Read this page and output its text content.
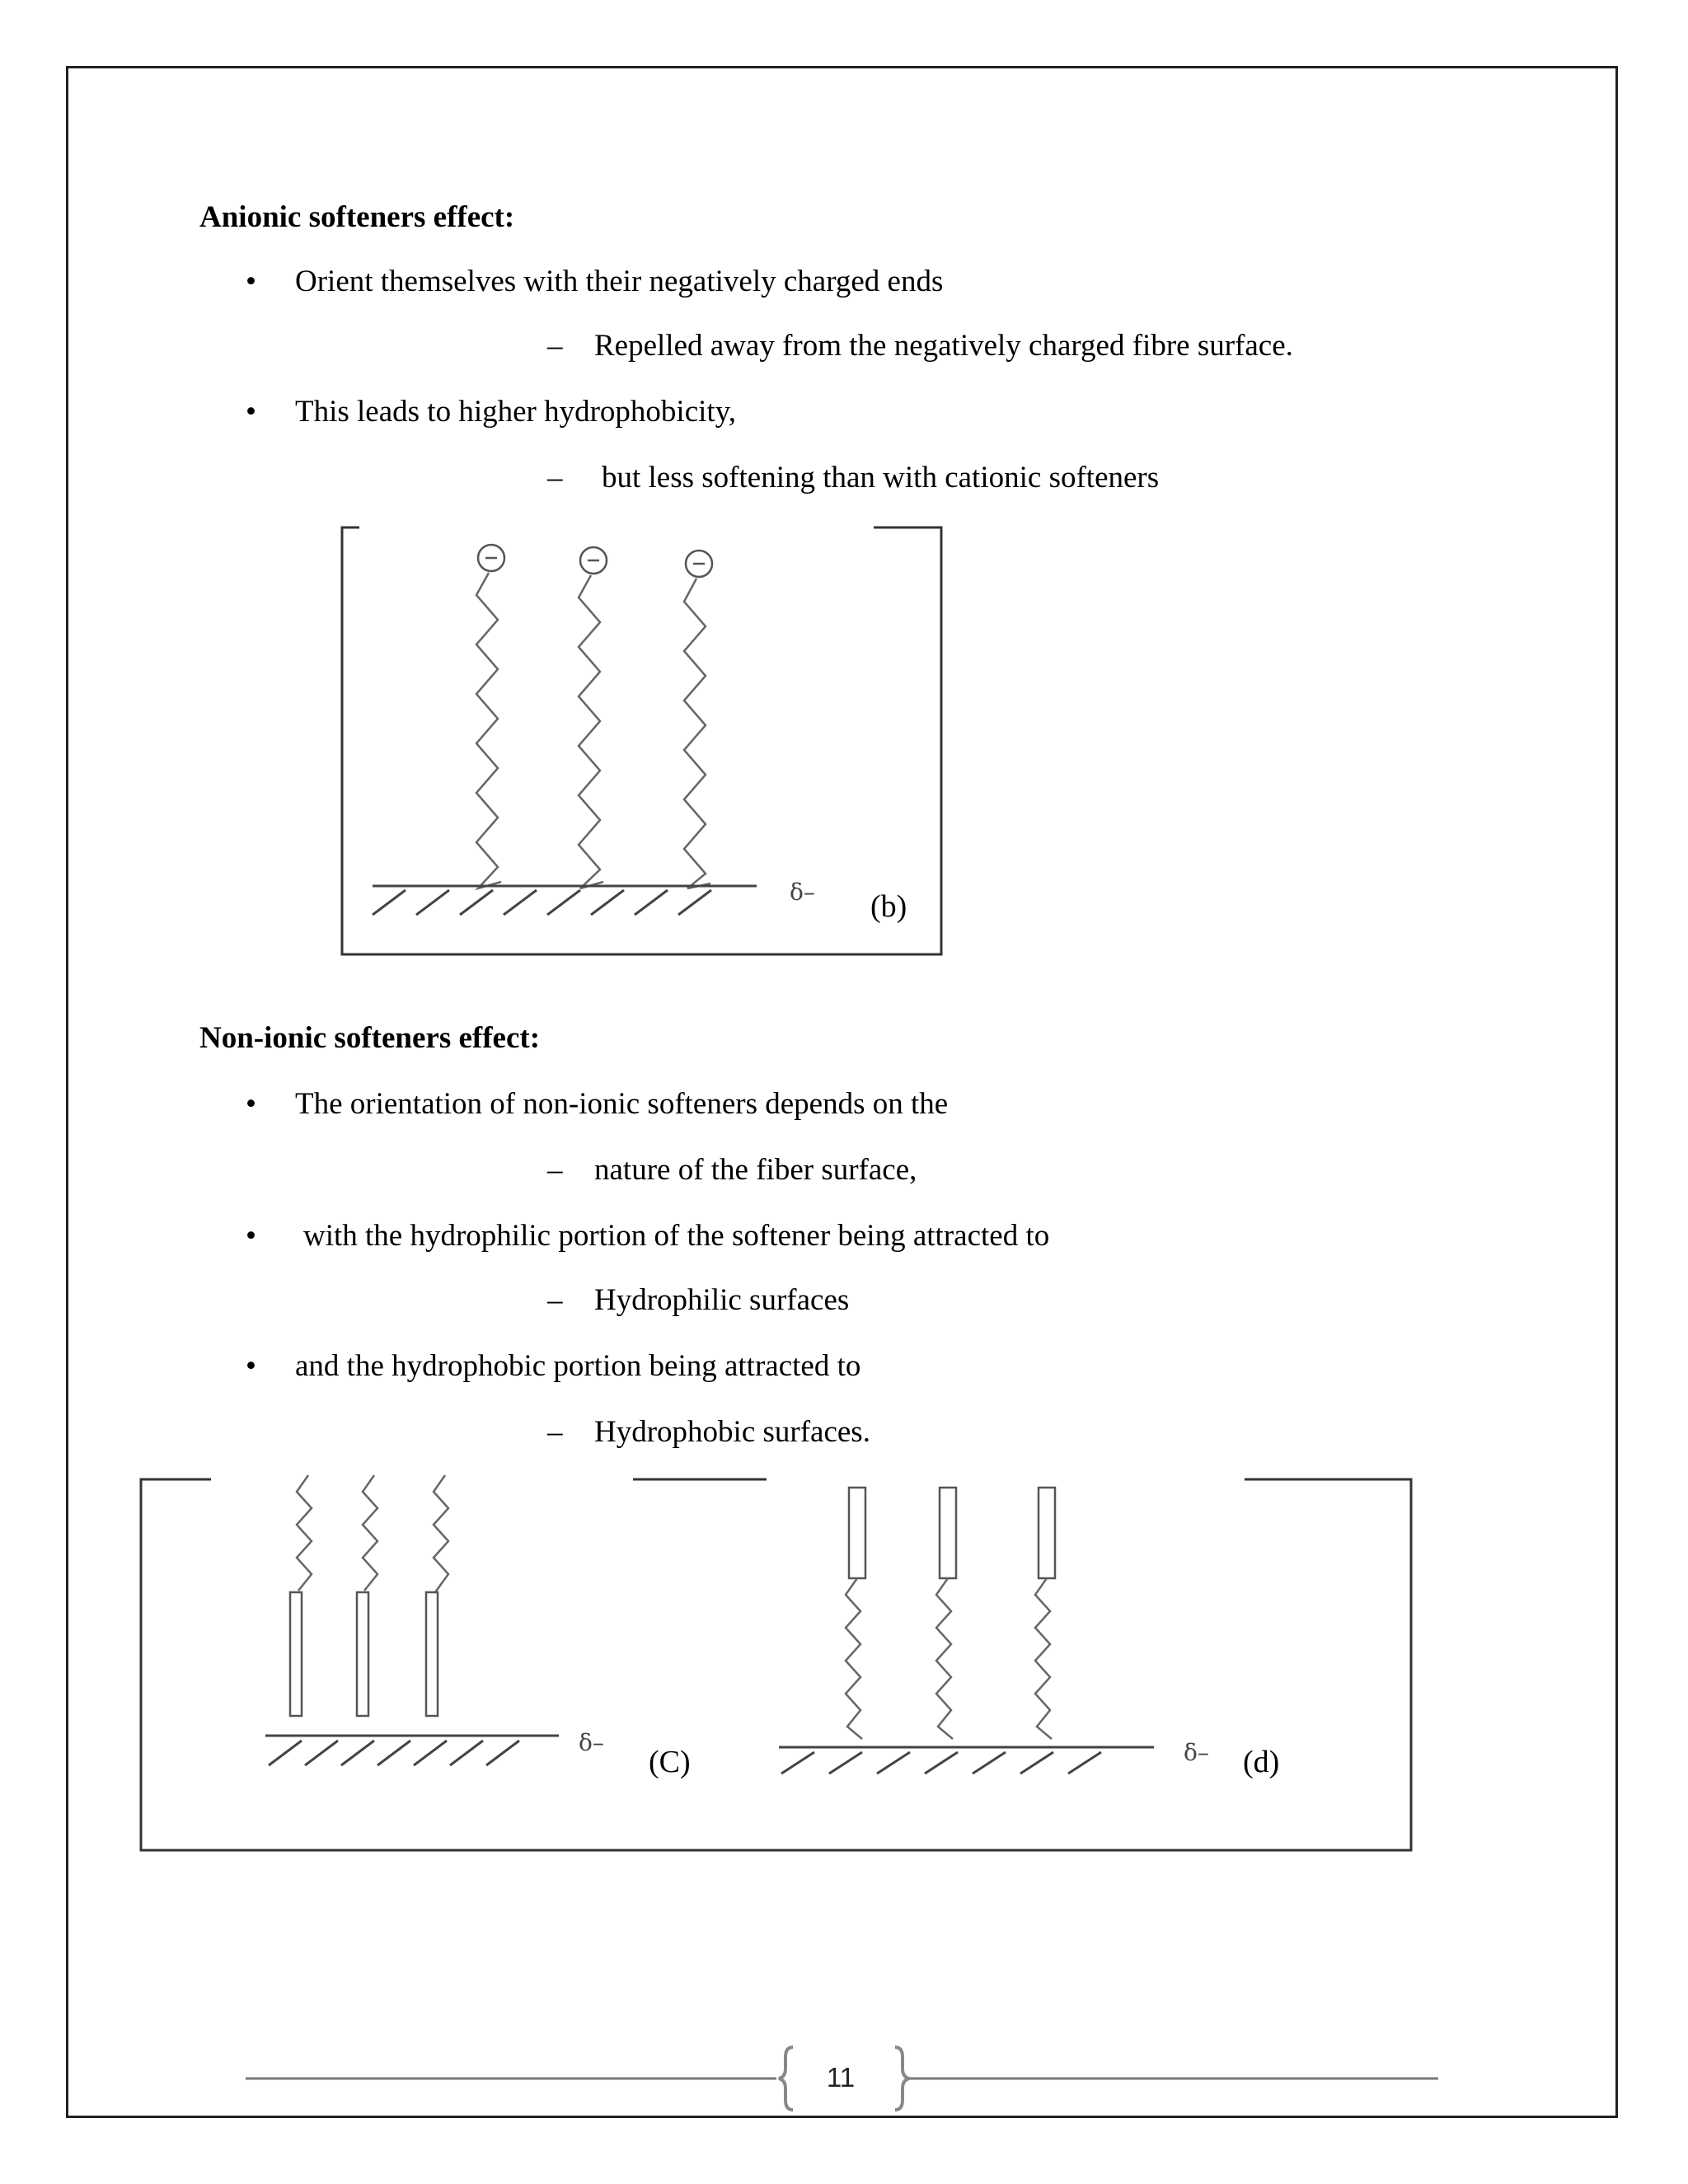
Anionic softeners effect:
• Orient themselves with their negatively charged ends
– Repelled away from the negatively charged fibre surface.
• This leads to higher hydrophobicity,
– but less softening than with cationic softeners
Non-ionic softeners effect:
• The orientation of non-ionic softeners depends on the
– nature of the fiber surface,
• with the hydrophilic portion of the softener being attracted to
– Hydrophilic surfaces
• and the hydrophobic portion being attracted to
– Hydrophobic surfaces.
δ– (b)
δ–
(C)	δ– (d)
11
